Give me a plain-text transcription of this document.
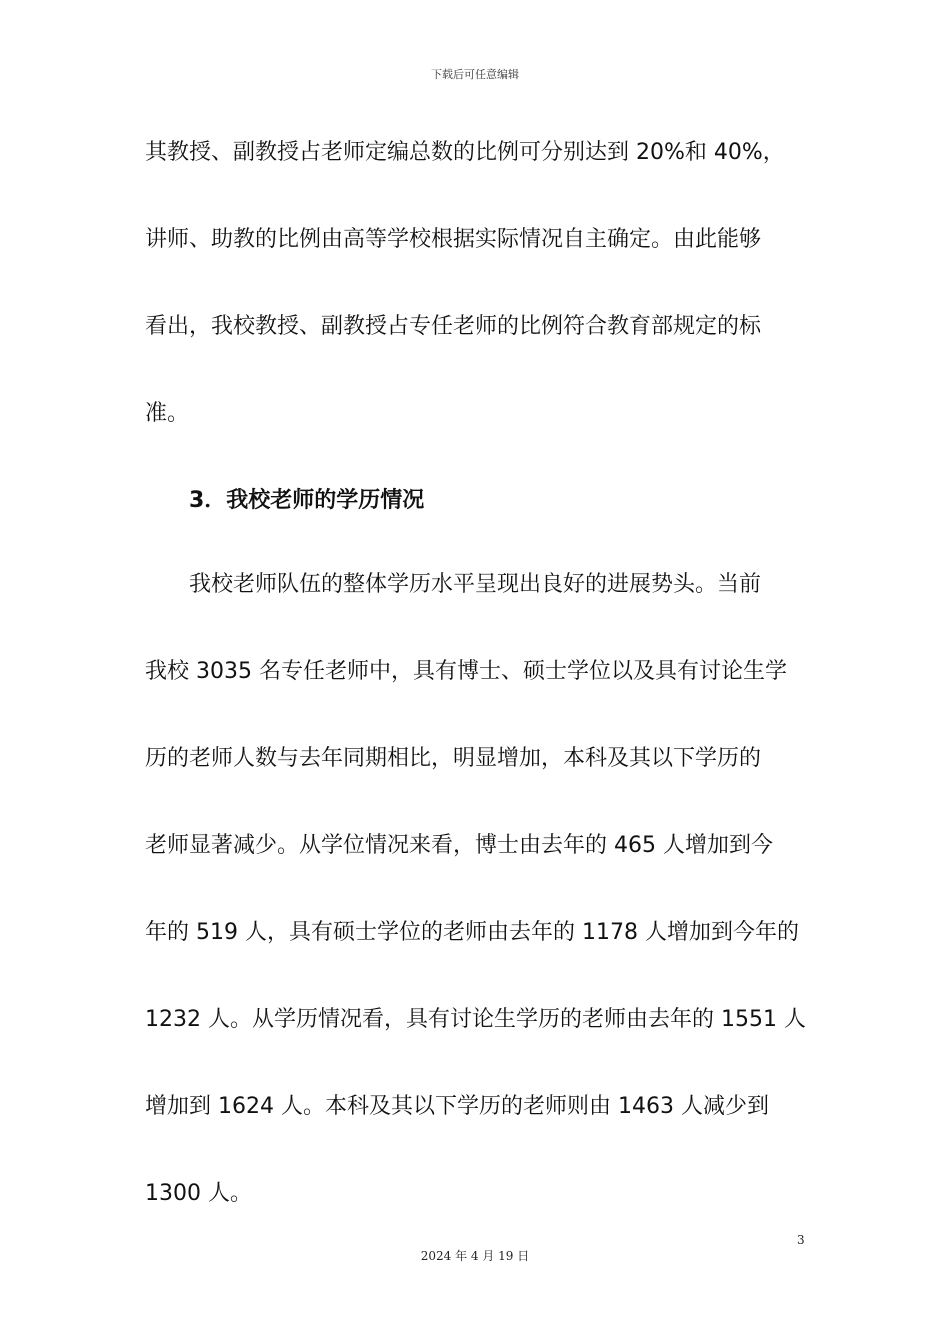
下载后可任意编辑
其教授、副教授占老师定编总数的比例可分别达到 20%和 40%，
讲师、助教的比例由高等学校根据实际情况自主确定。由此能够
看出，我校教授、副教授占专任老师的比例符合教育部规定的标
准。
3．我校老师的学历情况
我校老师队伍的整体学历水平呈现出良好的进展势头。当前
我校 3035 名专任老师中，具有博士、硕士学位以及具有讨论生学
历的老师人数与去年同期相比，明显增加，本科及其以下学历的
老师显著减少。从学位情况来看，博士由去年的 465 人增加到今
年的 519 人，具有硕士学位的老师由去年的 1178 人增加到今年的
1232 人。从学历情况看，具有讨论生学历的老师由去年的 1551 人
增加到 1624 人。本科及其以下学历的老师则由 1463 人减少到
1300 人。
3
2024 年 4 月 19 日
